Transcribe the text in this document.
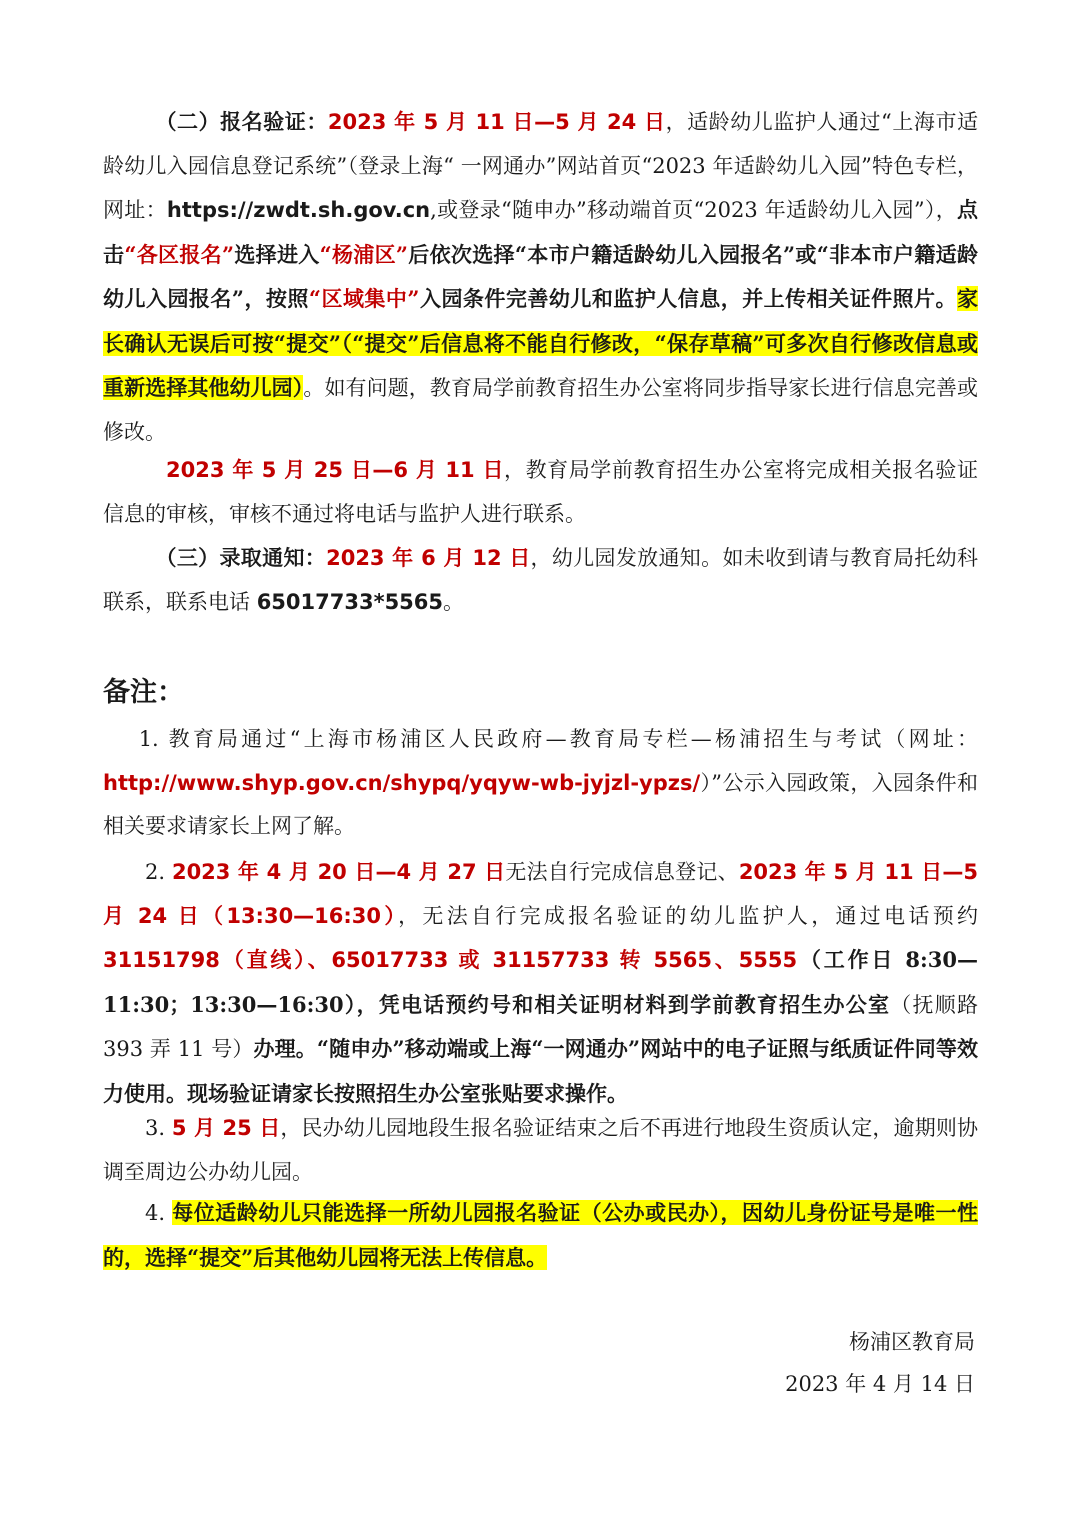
（二）报名验证：2023 年 5 月 11 日—5 月 24 日，适龄幼儿监护人通过“上海市适龄幼儿入园信息登记系统”（登录上海“ 一网通办”网站首页“2023 年适龄幼儿入园”特色专栏，网址：https://zwdt.sh.gov.cn,或登录“随申办”移动端首页“2023 年适龄幼儿入园”），点击“各区报名”选择进入“杨浦区”后依次选择“本市户籍适龄幼儿入园报名”或“非本市户籍适龄幼儿入园报名”，按照“区域集中”入园条件完善幼儿和监护人信息，并上传相关证件照片。家长确认无误后可按“提交”（“提交”后信息将不能自行修改，“保存草稿”可多次自行修改信息或重新选择其他幼儿园）。如有问题，教育局学前教育招生办公室将同步指导家长进行信息完善或修改。

2023 年 5 月 25 日—6 月 11 日，教育局学前教育招生办公室将完成相关报名验证信息的审核，审核不通过将电话与监护人进行联系。

（三）录取通知：2023 年 6 月 12 日，幼儿园发放通知。如未收到请与教育局托幼科联系，联系电话 65017733*5565。

备注：

1. 教育局通过“上海市杨浦区人民政府—教育局专栏—杨浦招生与考试（网址：http://www.shyp.gov.cn/shypq/yqyw-wb-jyjzl-ypzs/）”公示入园政策，入园条件和相关要求请家长上网了解。

2. 2023 年 4 月 20 日—4 月 27 日无法自行完成信息登记、2023 年 5 月 11 日—5 月 24 日（13:30—16:30），无法自行完成报名验证的幼儿监护人，通过电话预约 31151798（直线）、65017733 或 31157733 转 5565、5555（工作日 8:30—11:30；13:30—16:30），凭电话预约号和相关证明材料到学前教育招生办公室（抚顺路 393 弄 11 号）办理。“随申办”移动端或上海“一网通办”网站中的电子证照与纸质证件同等效力使用。现场验证请家长按照招生办公室张贴要求操作。

3. 5 月 25 日，民办幼儿园地段生报名验证结束之后不再进行地段生资质认定，逾期则协调至周边公办幼儿园。

4. 每位适龄幼儿只能选择一所幼儿园报名验证（公办或民办），因幼儿身份证号是唯一性的，选择“提交”后其他幼儿园将无法上传信息。

杨浦区教育局

2023 年 4 月 14 日
